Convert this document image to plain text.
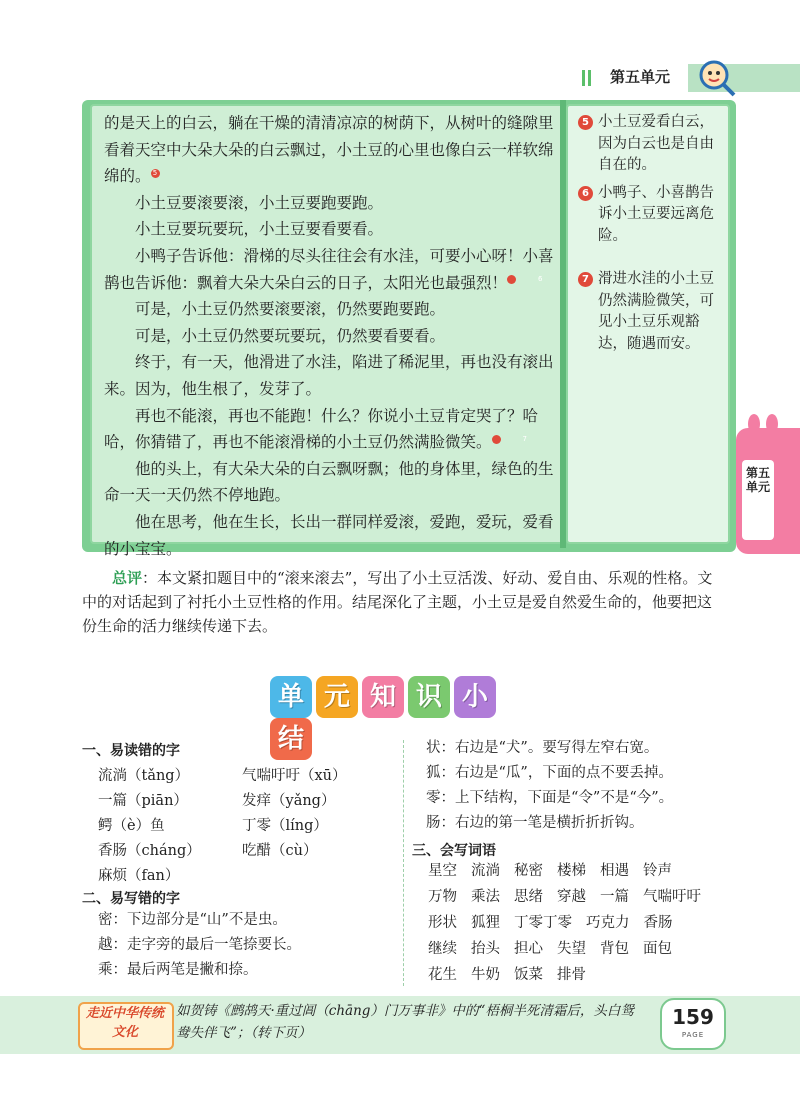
第五单元

的是天上的白云，躺在干燥的清清凉凉的树荫下，从树叶的缝隙里看着天空中大朵大朵的白云飘过，小土豆的心里也像白云一样软绵绵的。 5

小土豆要滚要滚，小土豆要跑要跑。

小土豆要玩要玩，小土豆要看要看。

小鸭子告诉他：滑梯的尽头往往会有水洼，可要小心呀！小喜鹊也告诉他：飘着大朵大朵白云的日子，太阳光也最强烈！	6

可是，小土豆仍然要滚要滚，仍然要跑要跑。

可是，小土豆仍然要玩要玩，仍然要看要看。

终于，有一天，他滑进了水洼，陷进了稀泥里，再也没有滚出来。因为，他生根了，发芽了。

再也不能滚，再也不能跑！什么？你说小土豆肯定哭了？哈哈，你猜错了，再也不能滚滑梯的小土豆仍然满脸微笑。	7

他的头上，有大朵大朵的白云飘呀飘；他的身体里，绿色的生命一天一天仍然不停地跑。

他在思考，他在生长，长出一群同样爱滚，爱跑，爱玩，爱看的小宝宝。

5 小土豆爱看白云，因为白云也是自由自在的。

6 小鸭子、小喜鹊告诉小土豆要远离危险。

7 滑进水洼的小土豆仍然满脸微笑，可见小土豆乐观豁达，随遇而安。

第五单元
总评：本文紧扣题目中的“滚来滚去”，写出了小土豆活泼、好动、爱自由、乐观的性格。文中的对话起到了衬托小土豆性格的作用。结尾深化了主题，小土豆是爱自然爱生命的，他要把这份生命的活力继续传递下去。
单 元 知 识 小结
一、易读错的字
流淌（tǎng）	气喘吁吁（xū）
一篇（piān）	发痒（yǎng）
鳄（è）鱼	丁零（líng）
香肠（cháng）	吃醋（cù）
麻烦（fan）
二、易写错的字
密：下边部分是“山”不是虫。
越：走字旁的最后一笔捺要长。
乘：最后两笔是撇和捺。
状：右边是“犬”。要写得左窄右宽。
狐：右边是“瓜”，下面的点不要丢掉。
零：上下结构，下面是“令”不是“今”。
肠：右边的第一笔是横折折折钩。
三、会写词语
星空 流淌 秘密 楼梯 相遇 铃声
万物 乘法 思绪 穿越 一篇 气喘吁吁
形状 狐狸 丁零丁零 巧克力 香肠
继续 抬头 担心 失望 背包 面包
花生 牛奶 饭菜 排骨
走近中华传统文化
如贺铸《鹧鸪天·重过阊（chāng）门万事非》中的“梧桐半死清霜后，头白鸳鸯失伴飞”；（转下页）
159
PAGE
